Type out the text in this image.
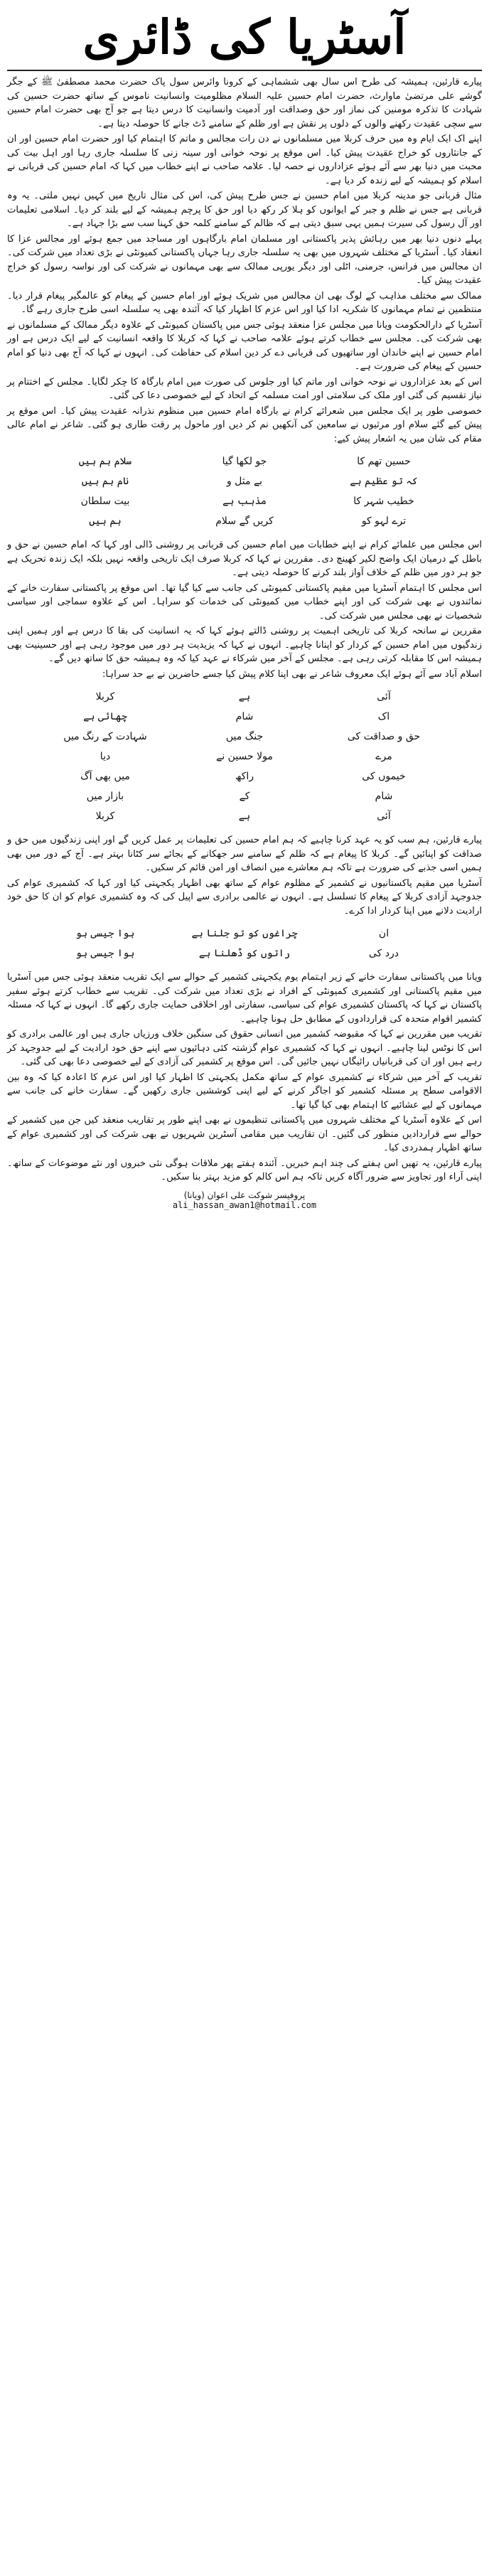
آسٹریا کی ڈائری

پیارے قارئین، ہمیشہ کی طرح اس سال بھی ششماہی کے کرونا وائرس سول پاک حضرت محمد مصطفیٰ ﷺ کے جگر گوشے علی مرتضیٰ ماوارث، حضرت امام حسین علیہ السلام مظلومیت وانسانیت ناموس کے ساتھ حضرت حسین کی شہادت کا تذکرہ مومنین کی نماز اور حق وصداقت اور آدمیت وانسانیت کا درس دیتا ہے جو آج بھی حضرت امام حسین سے سچی عقیدت رکھنے والوں کے دلوں پر نقش ہے اور ظلم کے سامنے ڈٹ جانے کا حوصلہ دیتا ہے۔

اپنے اک ایک ایام وہ میں حرف کربلا میں مسلمانوں نے دن رات مجالس و ماتم کا اہتمام کیا اور حضرت امام حسین اور ان کے جانثاروں کو خراج عقیدت پیش کیا۔ اس موقع پر نوحہ خوانی اور سینہ زنی کا سلسلہ جاری رہا اور اہل بیت کی محبت میں دنیا بھر سے آئے ہوئے عزاداروں نے حصہ لیا۔ علامہ صاحب نے اپنے خطاب میں کہا کہ امام حسین کی قربانی نے اسلام کو ہمیشہ کے لیے زندہ کر دیا ہے۔

مثال قربانی جو مدینہ کربلا میں امام حسین نے جس طرح پیش کی، اس کی مثال تاریخ میں کہیں نہیں ملتی۔ یہ وہ قربانی ہے جس نے ظلم و جبر کے ایوانوں کو ہلا کر رکھ دیا اور حق کا پرچم ہمیشہ کے لیے بلند کر دیا۔ اسلامی تعلیمات اور آل رسول کی سیرت ہمیں یہی سبق دیتی ہے کہ ظالم کے سامنے کلمہ حق کہنا سب سے بڑا جہاد ہے۔

پہلے دنوں دنیا بھر میں رہائش پذیر پاکستانی اور مسلمان امام بارگاہوں اور مساجد میں جمع ہوئے اور مجالس عزا کا انعقاد کیا۔ آسٹریا کے مختلف شہروں میں بھی یہ سلسلہ جاری رہا جہاں پاکستانی کمیونٹی نے بڑی تعداد میں شرکت کی۔ ان مجالس میں فرانس، جرمنی، اٹلی اور دیگر یورپی ممالک سے بھی مہمانوں نے شرکت کی اور نواسہ رسول کو خراج عقیدت پیش کیا۔

ممالک سے مختلف مذاہب کے لوگ بھی ان مجالس میں شریک ہوئے اور امام حسین کے پیغام کو عالمگیر پیغام قرار دیا۔ منتظمین نے تمام مہمانوں کا شکریہ ادا کیا اور اس عزم کا اظہار کیا کہ آئندہ بھی یہ سلسلہ اسی طرح جاری رہے گا۔

آسٹریا کے دارالحکومت ویانا میں مجلس عزا منعقد ہوئی جس میں پاکستان کمیونٹی کے علاوہ دیگر ممالک کے مسلمانوں نے بھی شرکت کی۔ مجلس سے خطاب کرتے ہوئے علامہ صاحب نے کہا کہ کربلا کا واقعہ انسانیت کے لیے ایک درس ہے اور امام حسین نے اپنے خاندان اور ساتھیوں کی قربانی دے کر دین اسلام کی حفاظت کی۔ انہوں نے کہا کہ آج بھی دنیا کو امام حسین کے پیغام کی ضرورت ہے۔

اس کے بعد عزاداروں نے نوحہ خوانی اور ماتم کیا اور جلوس کی صورت میں امام بارگاہ کا چکر لگایا۔ مجلس کے اختتام پر نیاز تقسیم کی گئی اور ملک کی سلامتی اور امت مسلمہ کے اتحاد کے لیے خصوصی دعا کی گئی۔

خصوصی طور پر ایک مجلس میں شعرائے کرام نے بارگاہ امام حسین میں منظوم نذرانہ عقیدت پیش کیا۔ اس موقع پر پیش کیے گئے سلام اور مرثیوں نے سامعین کی آنکھیں نم کر دیں اور ماحول پر رقت طاری ہو گئی۔ شاعر نے امام عالی مقام کی شان میں یہ اشعار پیش کیے:

حسین تھم کا
جو لکھا گیا
سلام ہم ہیں
کہ تو عظیم ہے
بے مثل و
نام ہم ہیں
خطیب شہر کا
مذہب ہے
بیت سلطان
ترے لہو کو
کریں گے سلام
ہم ہیں

اس مجلس میں علمائے کرام نے اپنے خطابات میں امام حسین کی قربانی پر روشنی ڈالی اور کہا کہ امام حسین نے حق و باطل کے درمیان ایک واضح لکیر کھینچ دی۔ مقررین نے کہا کہ کربلا صرف ایک تاریخی واقعہ نہیں بلکہ ایک زندہ تحریک ہے جو ہر دور میں ظلم کے خلاف آواز بلند کرنے کا حوصلہ دیتی ہے۔

اس مجلس کا اہتمام آسٹریا میں مقیم پاکستانی کمیونٹی کی جانب سے کیا گیا تھا۔ اس موقع پر پاکستانی سفارت خانے کے نمائندوں نے بھی شرکت کی اور اپنے خطاب میں کمیونٹی کی خدمات کو سراہا۔ اس کے علاوہ سماجی اور سیاسی شخصیات نے بھی مجلس میں شرکت کی۔

مقررین نے سانحہ کربلا کی تاریخی اہمیت پر روشنی ڈالتے ہوئے کہا کہ یہ انسانیت کی بقا کا درس ہے اور ہمیں اپنی زندگیوں میں امام حسین کے کردار کو اپنانا چاہیے۔ انہوں نے کہا کہ یزیدیت ہر دور میں موجود رہی ہے اور حسینیت بھی ہمیشہ اس کا مقابلہ کرتی رہی ہے۔ مجلس کے آخر میں شرکاء نے عہد کیا کہ وہ ہمیشہ حق کا ساتھ دیں گے۔

اسلام آباد سے آئے ہوئے ایک معروف شاعر نے بھی اپنا کلام پیش کیا جسے حاضرین نے بے حد سراہا:

آئی
ہے
کربلا
اک
شام
چھائی ہے
حق و صداقت کی
جنگ میں
شہادت کے رنگ میں
مرے
مولا حسین نے
دیا
خیموں کی
راکھ
میں بھی آگ
شام
کے
بازار میں
آئی
ہے
کربلا

پیارے قارئین، ہم سب کو یہ عہد کرنا چاہیے کہ ہم امام حسین کی تعلیمات پر عمل کریں گے اور اپنی زندگیوں میں حق و صداقت کو اپنائیں گے۔ کربلا کا پیغام ہے کہ ظلم کے سامنے سر جھکانے کے بجائے سر کٹانا بہتر ہے۔ آج کے دور میں بھی ہمیں اسی جذبے کی ضرورت ہے تاکہ ہم معاشرے میں انصاف اور امن قائم کر سکیں۔

آسٹریا میں مقیم پاکستانیوں نے کشمیر کے مظلوم عوام کے ساتھ بھی اظہار یکجہتی کیا اور کہا کہ کشمیری عوام کی جدوجہد آزادی کربلا کے پیغام کا تسلسل ہے۔ انہوں نے عالمی برادری سے اپیل کی کہ وہ کشمیری عوام کو ان کا حق خود ارادیت دلانے میں اپنا کردار ادا کرے۔

ان
چراغوں کو تو جلنا ہے
ہوا جیسی ہو
درد کی
راتوں کو ڈھلنا ہے
ہوا جیسی ہو

ویانا میں پاکستانی سفارت خانے کے زیر اہتمام یوم یکجہتی کشمیر کے حوالے سے ایک تقریب منعقد ہوئی جس میں آسٹریا میں مقیم پاکستانی اور کشمیری کمیونٹی کے افراد نے بڑی تعداد میں شرکت کی۔ تقریب سے خطاب کرتے ہوئے سفیر پاکستان نے کہا کہ پاکستان کشمیری عوام کی سیاسی، سفارتی اور اخلاقی حمایت جاری رکھے گا۔ انہوں نے کہا کہ مسئلہ کشمیر اقوام متحدہ کی قراردادوں کے مطابق حل ہونا چاہیے۔

تقریب میں مقررین نے کہا کہ مقبوضہ کشمیر میں انسانی حقوق کی سنگین خلاف ورزیاں جاری ہیں اور عالمی برادری کو اس کا نوٹس لینا چاہیے۔ انہوں نے کہا کہ کشمیری عوام گزشتہ کئی دہائیوں سے اپنے حق خود ارادیت کے لیے جدوجہد کر رہے ہیں اور ان کی قربانیاں رائیگاں نہیں جائیں گی۔ اس موقع پر کشمیر کی آزادی کے لیے خصوصی دعا بھی کی گئی۔

تقریب کے آخر میں شرکاء نے کشمیری عوام کے ساتھ مکمل یکجہتی کا اظہار کیا اور اس عزم کا اعادہ کیا کہ وہ بین الاقوامی سطح پر مسئلہ کشمیر کو اجاگر کرنے کے لیے اپنی کوششیں جاری رکھیں گے۔ سفارت خانے کی جانب سے مہمانوں کے لیے عشائیے کا اہتمام بھی کیا گیا تھا۔

اس کے علاوہ آسٹریا کے مختلف شہروں میں پاکستانی تنظیموں نے بھی اپنے طور پر تقاریب منعقد کیں جن میں کشمیر کے حوالے سے قراردادیں منظور کی گئیں۔ ان تقاریب میں مقامی آسٹرین شہریوں نے بھی شرکت کی اور کشمیری عوام کے ساتھ اظہار ہمدردی کیا۔

پیارے قارئین، یہ تھیں اس ہفتے کی چند اہم خبریں۔ آئندہ ہفتے پھر ملاقات ہوگی نئی خبروں اور نئے موضوعات کے ساتھ۔ اپنی آراء اور تجاویز سے ضرور آگاہ کریں تاکہ ہم اس کالم کو مزید بہتر بنا سکیں۔

پروفیسر شوکت علی اعوان (ویانا)
ali_hassan_awan1@hotmail.com
